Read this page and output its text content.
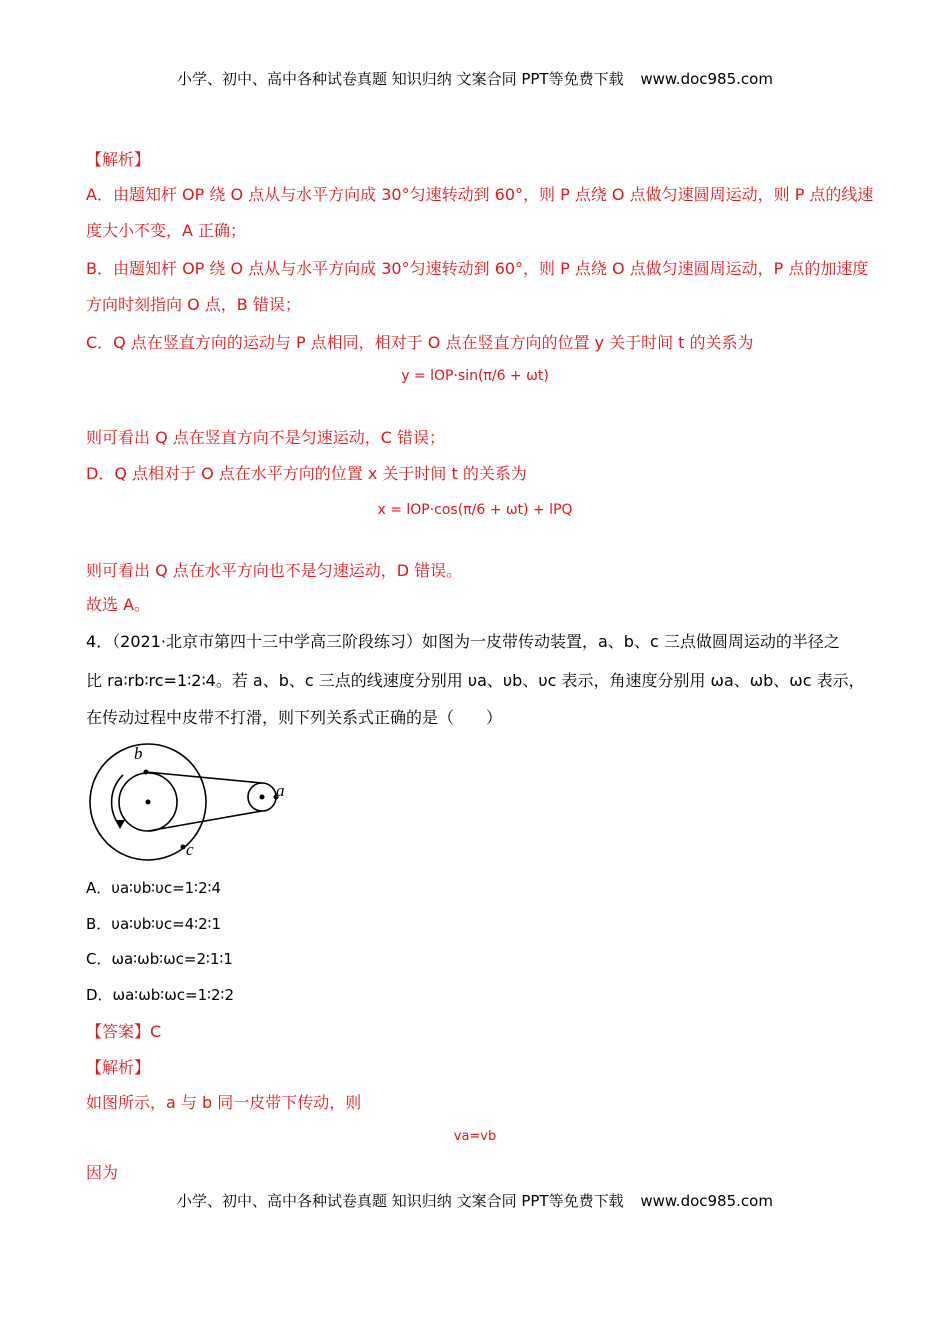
小学、初中、高中各种试卷真题 知识归纳 文案合同 PPT等免费下载 www.doc985.com
【解析】
A．由题知杆 OP 绕 O 点从与水平方向成 30°匀速转动到 60°，则 P 点绕 O 点做匀速圆周运动，则 P 点的线速
度大小不变，A 正确；
B．由题知杆 OP 绕 O 点从与水平方向成 30°匀速转动到 60°，则 P 点绕 O 点做匀速圆周运动，P 点的加速度
方向时刻指向 O 点，B 错误；
C．Q 点在竖直方向的运动与 P 点相同，相对于 O 点在竖直方向的位置 y 关于时间 t 的关系为
y = lOP·sin(π/6 + ωt)
则可看出 Q 点在竖直方向不是匀速运动，C 错误；
D．Q 点相对于 O 点在水平方向的位置 x 关于时间 t 的关系为
x = lOP·cos(π/6 + ωt) + lPQ
则可看出 Q 点在水平方向也不是匀速运动，D 错误。
故选 A。
4．（2021·北京市第四十三中学高三阶段练习）如图为一皮带传动装置，a、b、c 三点做圆周运动的半径之
比 ra∶rb∶rc=1∶2∶4。若 a、b、c 三点的线速度分别用 υa、υb、υc 表示，角速度分别用 ωa、ωb、ωc 表示，
在传动过程中皮带不打滑，则下列关系式正确的是（　　）
b
a
c
A．υa∶υb∶υc=1∶2∶4
B．υa∶υb∶υc=4∶2∶1
C．ωa∶ωb∶ωc=2∶1∶1
D．ωa∶ωb∶ωc=1∶2∶2
【答案】C
【解析】
如图所示，a 与 b 同一皮带下传动，则
va=vb
因为
小学、初中、高中各种试卷真题 知识归纳 文案合同 PPT等免费下载 www.doc985.com
